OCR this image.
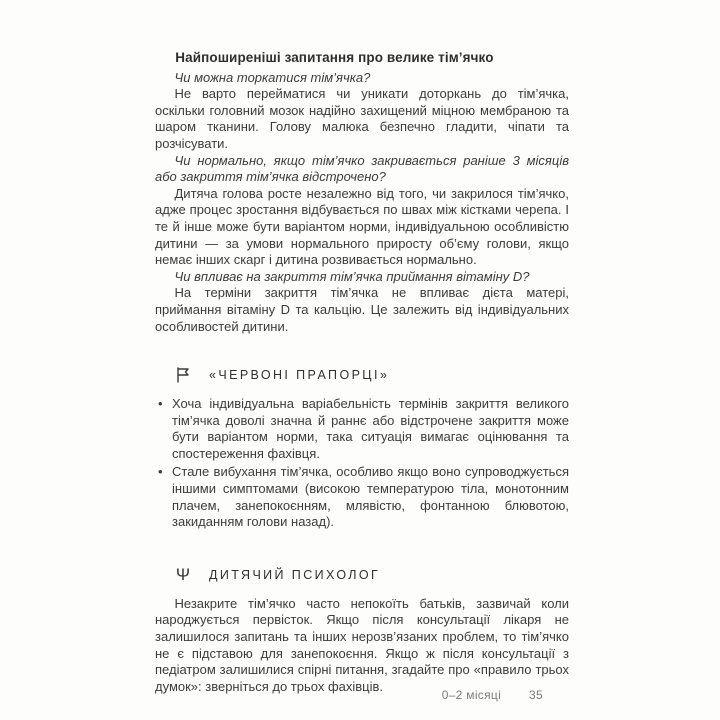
Найпоширеніші запитання про велике тім’ячко

Чи можна торкатися тім’ячка?

Не варто перейматися чи уникати доторкань до тім’ячка, оскільки головний мозок надійно захищений міцною мембраною та шаром тканини. Голову малюка безпечно гладити, чіпати та розчісувати.

Чи нормально, якщо тім’ячко закривається раніше 3 місяців або закриття тім’ячка відстрочено?

Дитяча голова росте незалежно від того, чи закрилося тім’ячко, адже процес зростання відбувається по швах між кістками черепа. І те й інше може бути варіантом норми, індивідуальною особливістю дитини — за умови нормального приросту об’єму голови, якщо немає інших скарг і дитина розвивається нормально.

Чи впливає на закриття тім’ячка приймання вітаміну D?

На терміни закриття тім’ячка не впливає дієта матері, приймання вітаміну D та кальцію. Це залежить від індивідуальних особливостей дитини.

«ЧЕРВОНІ ПРАПОРЦІ»
• Хоча індивідуальна варіабельність термінів закриття великого тім’ячка доволі значна й раннє або відстрочене закриття може бути варіантом норми, така ситуація вимагає оцінювання та спостереження фахівця.
• Стале вибухання тім’ячка, особливо якщо воно супроводжується іншими симптомами (високою температурою тіла, монотонним плачем, занепокоєнням, млявістю, фонтанною блювотою, закиданням голови назад).
Ψ ДИТЯЧИЙ ПСИХОЛОГ

Незакрите тім’ячко часто непокоїть батьків, зазвичай коли народжується первісток. Якщо після консультації лікаря не залишилося запитань та інших нерозв’язаних проблем, то тім’ячко не є підставою для занепокоєння. Якщо ж після консультації з педіатром залишилися спірні питання, згадайте про «правило трьох думок»: зверніться до трьох фахівців.

0–2 місяці 35
